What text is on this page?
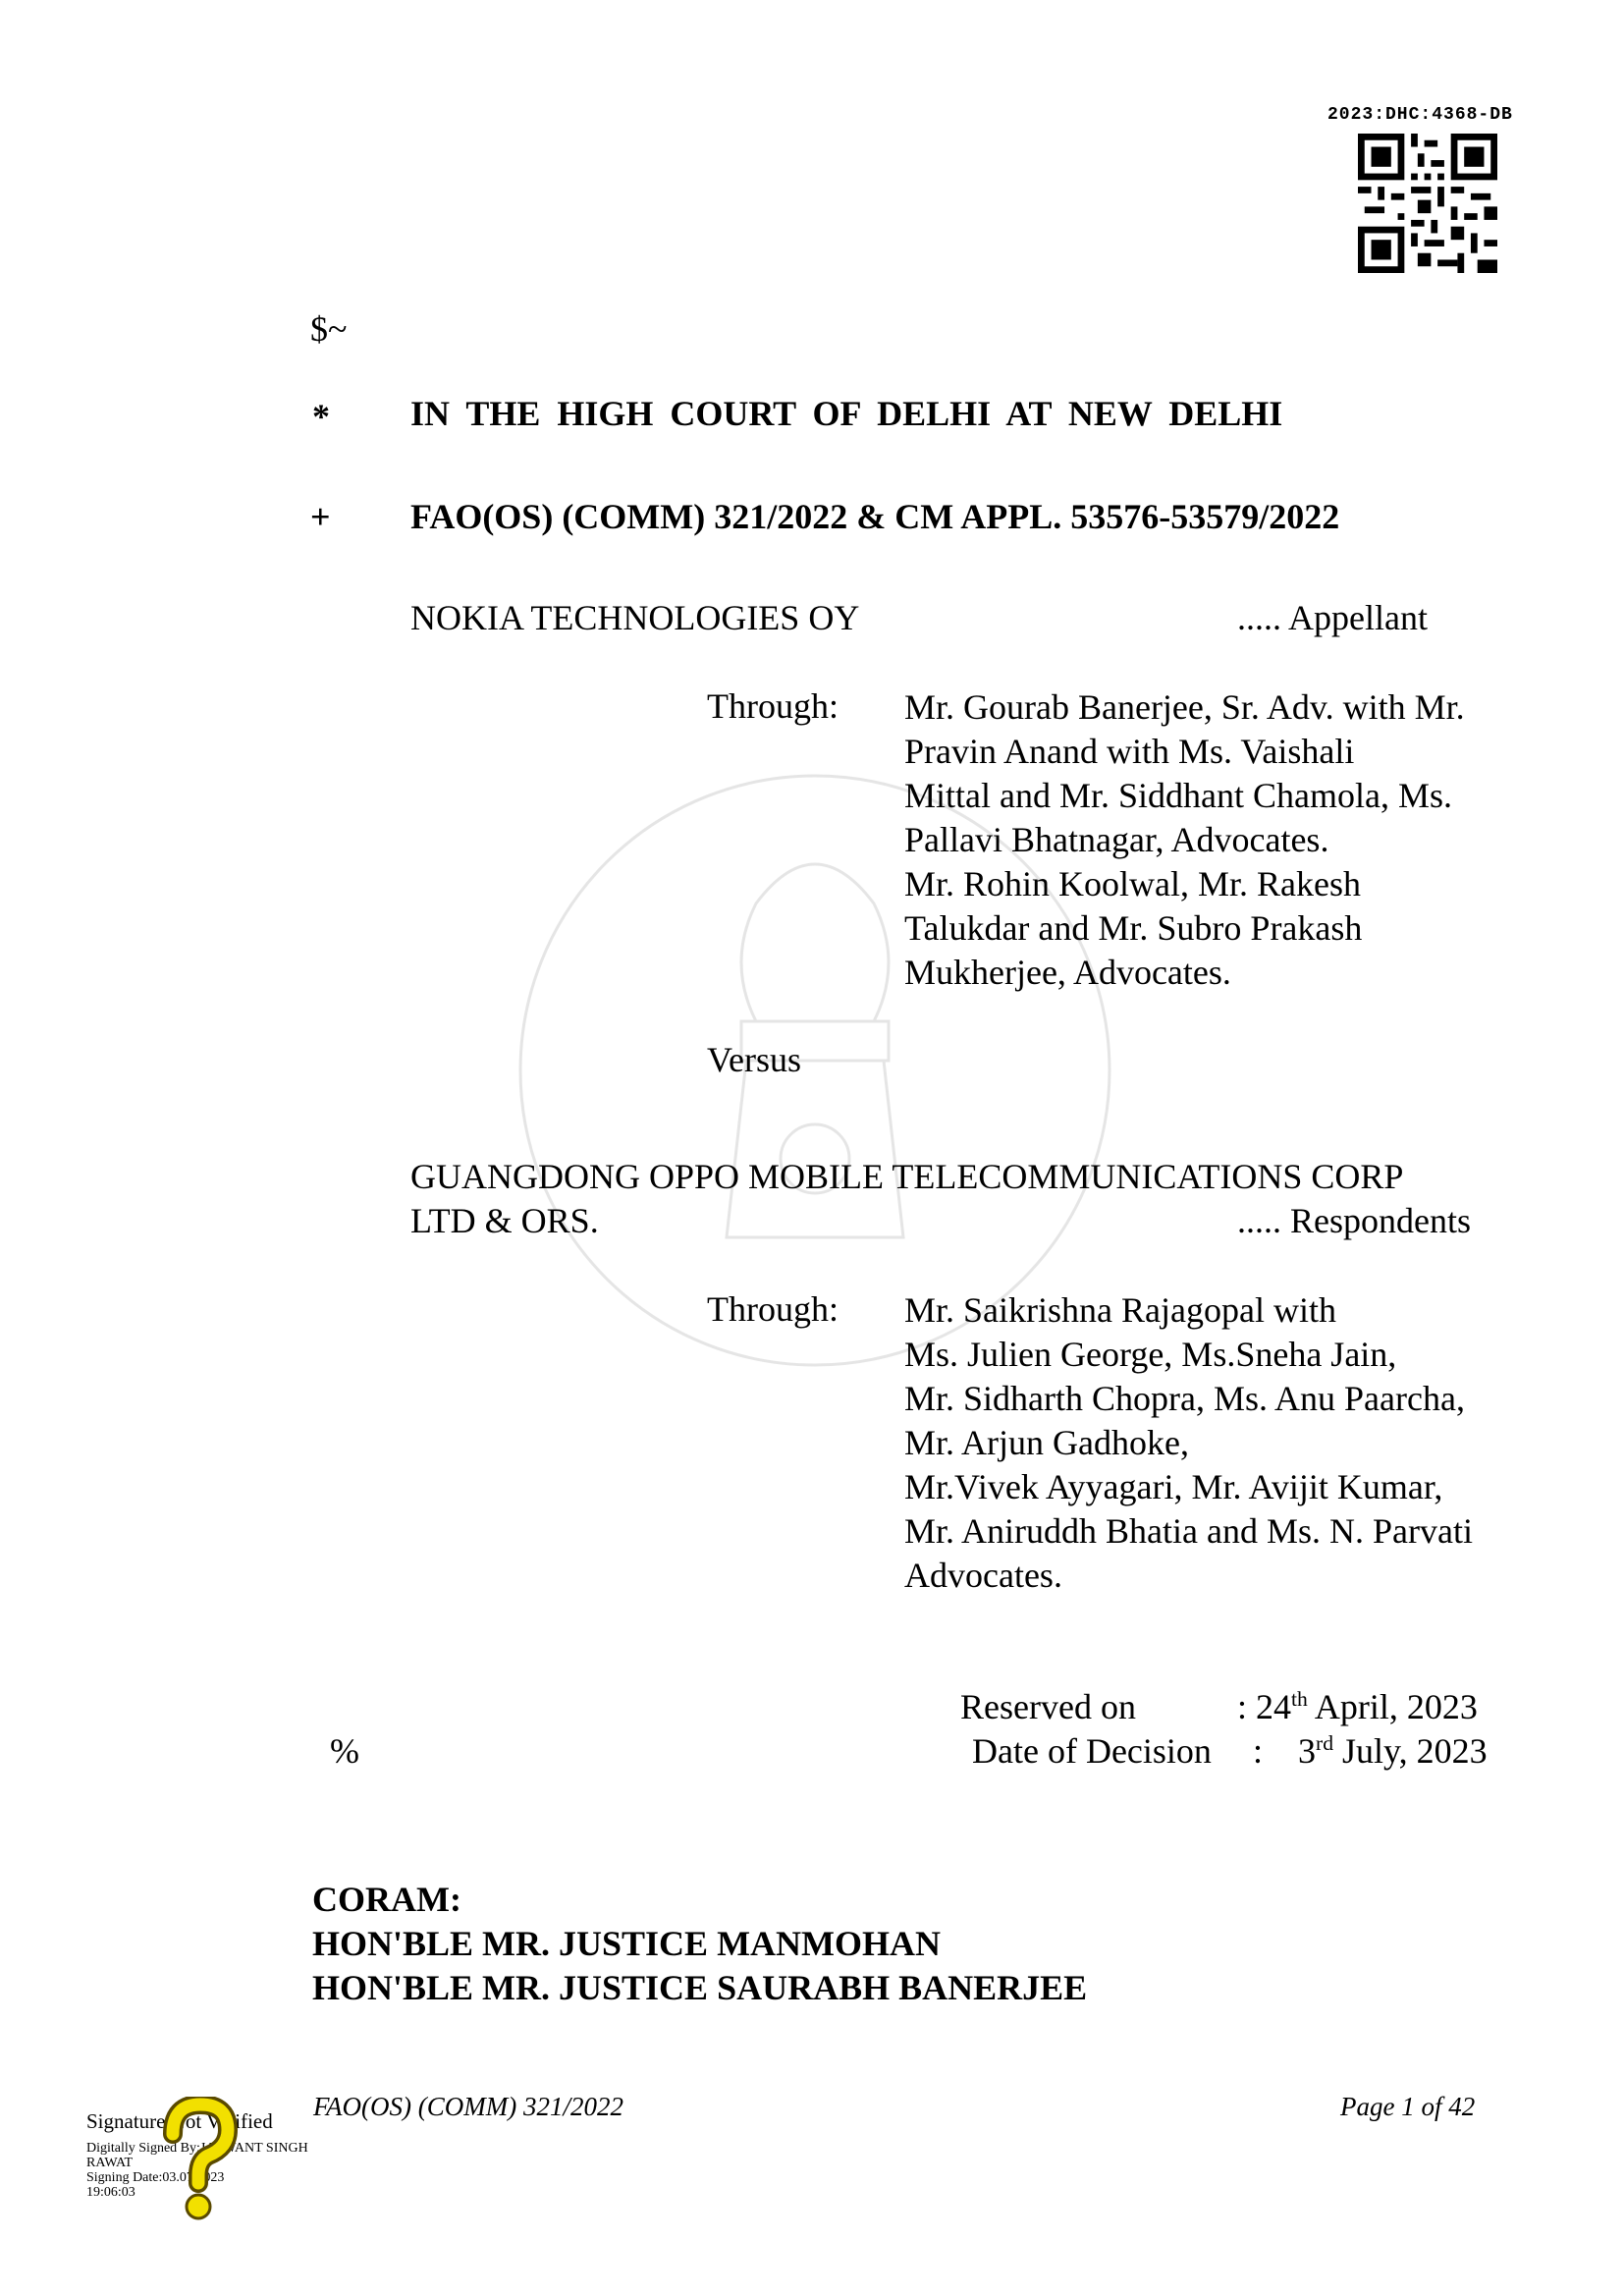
2023:DHC:4368-DB
$~
* IN THE HIGH COURT OF DELHI AT NEW DELHI
+ FAO(OS) (COMM) 321/2022 & CM APPL. 53576-53579/2022
NOKIA TECHNOLOGIES OY	..... Appellant
Through: Mr. Gourab Banerjee, Sr. Adv. with Mr.
Pravin Anand with Ms. Vaishali
Mittal and Mr. Siddhant Chamola, Ms.
Pallavi Bhatnagar, Advocates.
Mr. Rohin Koolwal, Mr. Rakesh
Talukdar and Mr. Subro Prakash
Mukherjee, Advocates.
Versus
GUANGDONG OPPO MOBILE TELECOMMUNICATIONS CORP
LTD & ORS.	..... Respondents
Through: Mr. Saikrishna Rajagopal with
Ms. Julien George, Ms.Sneha Jain,
Mr. Sidharth Chopra, Ms. Anu Paarcha,
Mr. Arjun Gadhoke,
Mr.Vivek Ayyagari, Mr. Avijit Kumar,
Mr. Aniruddh Bhatia and Ms. N. Parvati
Advocates.
Reserved on	: 24th April, 2023
%	Date of Decision : 3rd July, 2023
CORAM:
HON'BLE MR. JUSTICE MANMOHAN
HON'BLE MR. JUSTICE SAURABH BANERJEE
Signature Not Verified FAO(OS) (COMM) 321/2022	Page 1 of 42
Digitally Signed By:JASWANT SINGH RAWAT
Signing Date:03.07.2023
19:06:03
